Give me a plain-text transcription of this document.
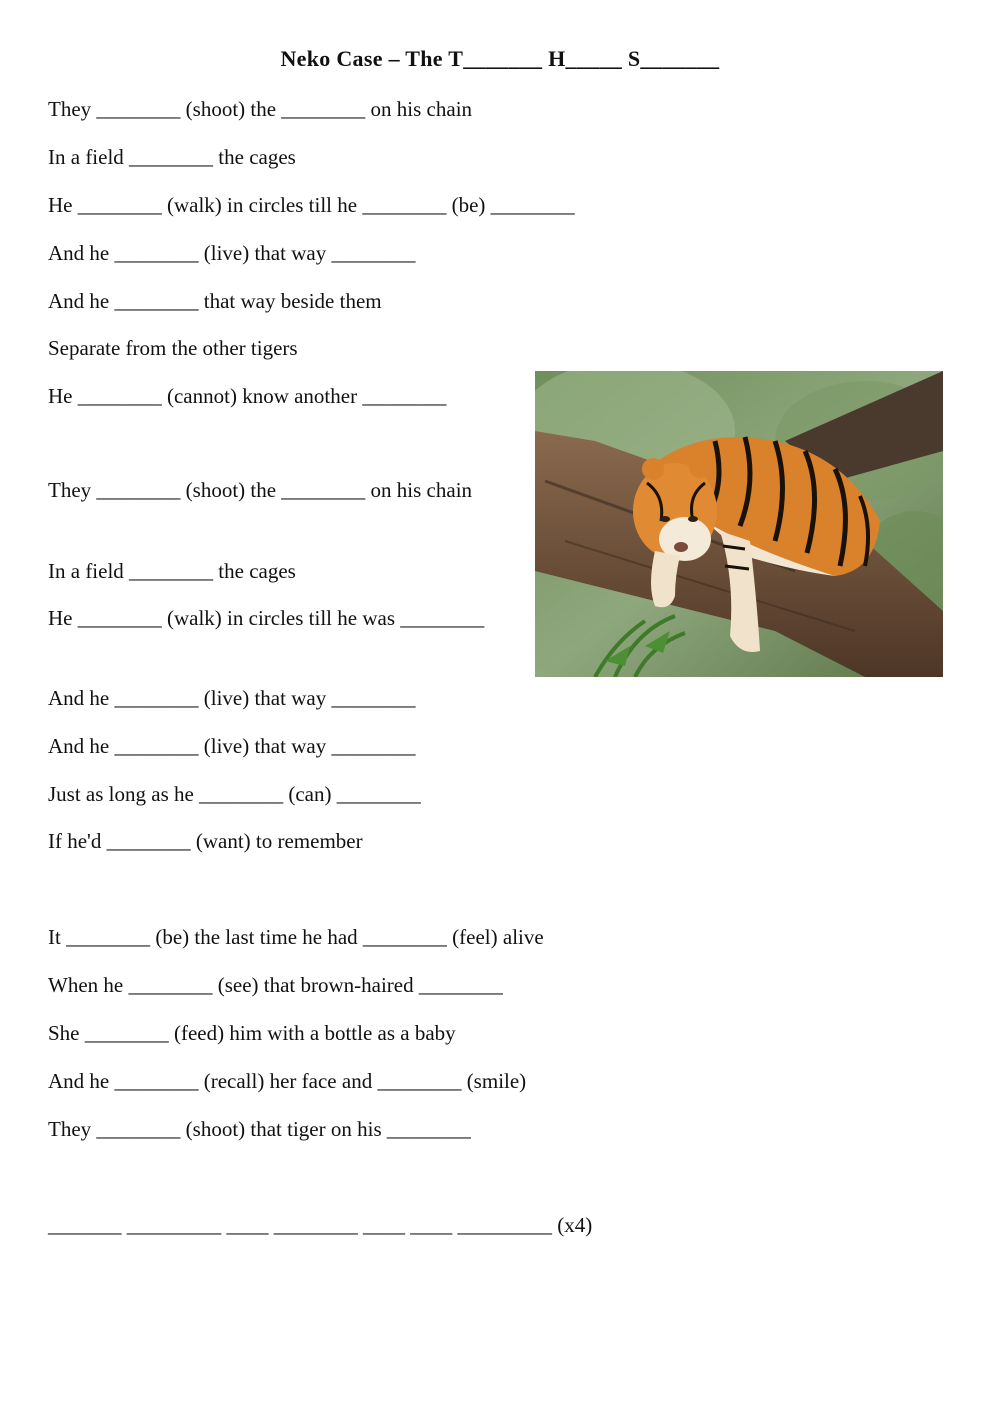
Neko Case – The T_______ H_____ S_______
They ________ (shoot) the ________ on his chain
In a field ________ the cages
He ________ (walk) in circles till he ________ (be) ________
And he ________ (live) that way ________
And he ________ that way beside them
Separate from the other tigers
He ________ (cannot) know another ________
They ________ (shoot) the ________ on his chain
In a field ________ the cages
He ________ (walk) in circles till he was ________
And he ________ (live) that way ________
And he ________ (live) that way ________
Just as long as he ________ (can) ________
If he'd ________ (want) to remember
It ________ (be) the last time he had ________ (feel) alive
When he ________ (see) that brown-haired ________
She ________ (feed) him with a bottle as a baby
And he ________ (recall) her face and ________ (smile)
They ________ (shoot) that tiger on his ________
_______ _________ ____ ________ ____ ____ _________ (x4)
